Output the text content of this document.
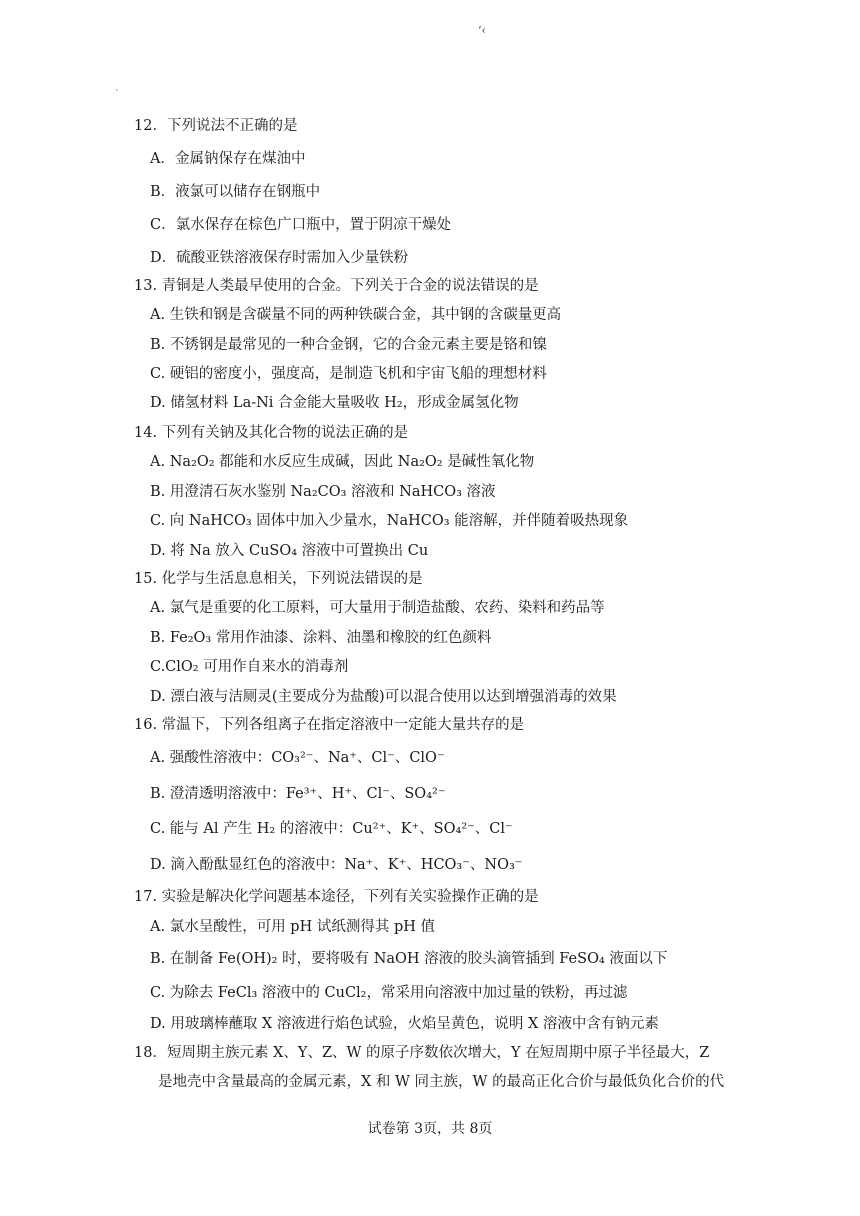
‘‹
`
12．下列说法不正确的是
A．金属钠保存在煤油中
B．液氯可以储存在钢瓶中
C．氯水保存在棕色广口瓶中，置于阴凉干燥处
D．硫酸亚铁溶液保存时需加入少量铁粉
13. 青铜是人类最早使用的合金。下列关于合金的说法错误的是
A. 生铁和钢是含碳量不同的两种铁碳合金，其中钢的含碳量更高
B. 不锈钢是最常见的一种合金钢，它的合金元素主要是铬和镍
C. 硬铝的密度小，强度高，是制造飞机和宇宙飞船的理想材料
D. 储氢材料 La-Ni 合金能大量吸收 H₂，形成金属氢化物
14. 下列有关钠及其化合物的说法正确的是
A. Na₂O₂ 都能和水反应生成碱，因此 Na₂O₂ 是碱性氧化物
B. 用澄清石灰水鉴别 Na₂CO₃ 溶液和 NaHCO₃ 溶液
C. 向 NaHCO₃ 固体中加入少量水，NaHCO₃ 能溶解，并伴随着吸热现象
D. 将 Na 放入 CuSO₄ 溶液中可置换出 Cu
15. 化学与生活息息相关，下列说法错误的是
A. 氯气是重要的化工原料，可大量用于制造盐酸、农药、染料和药品等
B. Fe₂O₃ 常用作油漆、涂料、油墨和橡胶的红色颜料
C.ClO₂ 可用作自来水的消毒剂
D. 漂白液与洁厕灵(主要成分为盐酸)可以混合使用以达到增强消毒的效果
16. 常温下，下列各组离子在指定溶液中一定能大量共存的是
A. 强酸性溶液中：CO₃²⁻、Na⁺、Cl⁻、ClO⁻
B. 澄清透明溶液中：Fe³⁺、H⁺、Cl⁻、SO₄²⁻
C. 能与 Al 产生 H₂ 的溶液中：Cu²⁺、K⁺、SO₄²⁻、Cl⁻
D. 滴入酚酞显红色的溶液中：Na⁺、K⁺、HCO₃⁻、NO₃⁻
17. 实验是解决化学问题基本途径，下列有关实验操作正确的是
A. 氯水呈酸性，可用 pH 试纸测得其 pH 值
B. 在制备 Fe(OH)₂ 时，要将吸有 NaOH 溶液的胶头滴管插到 FeSO₄ 液面以下
C. 为除去 FeCl₃ 溶液中的 CuCl₂，常采用向溶液中加过量的铁粉，再过滤
D. 用玻璃棒蘸取 X 溶液进行焰色试验，火焰呈黄色，说明 X 溶液中含有钠元素
18．短周期主族元素 X、Y、Z、W 的原子序数依次增大，Y 在短周期中原子半径最大，Z
是地壳中含量最高的金属元素，X 和 W 同主族，W 的最高正化合价与最低负化合价的代
试卷第 3页，共 8页
